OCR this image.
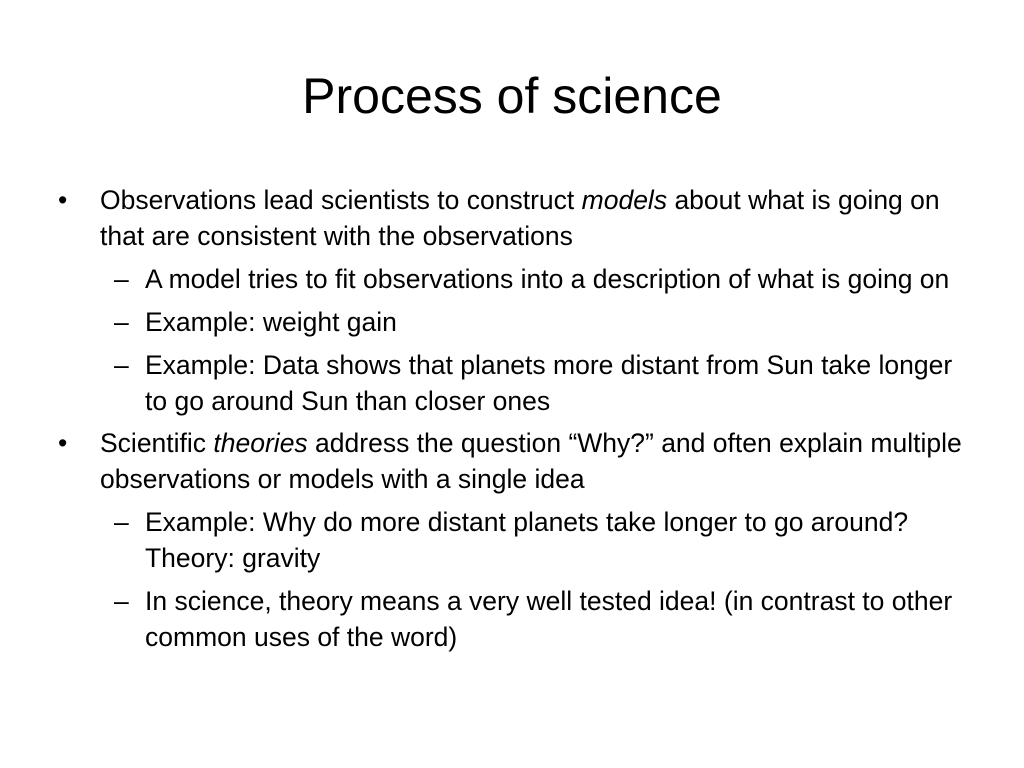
Process of science

• Observations lead scientists to construct models about what is going on that are consistent with the observations

– A model tries to fit observations into a description of what is going on

– Example: weight gain

– Example: Data shows that planets more distant from Sun take longer to go around Sun than closer ones

• Scientific theories address the question “Why?” and often explain multiple observations or models with a single idea

– Example: Why do more distant planets take longer to go around? Theory: gravity

– In science, theory means a very well tested idea! (in contrast to other common uses of the word)
